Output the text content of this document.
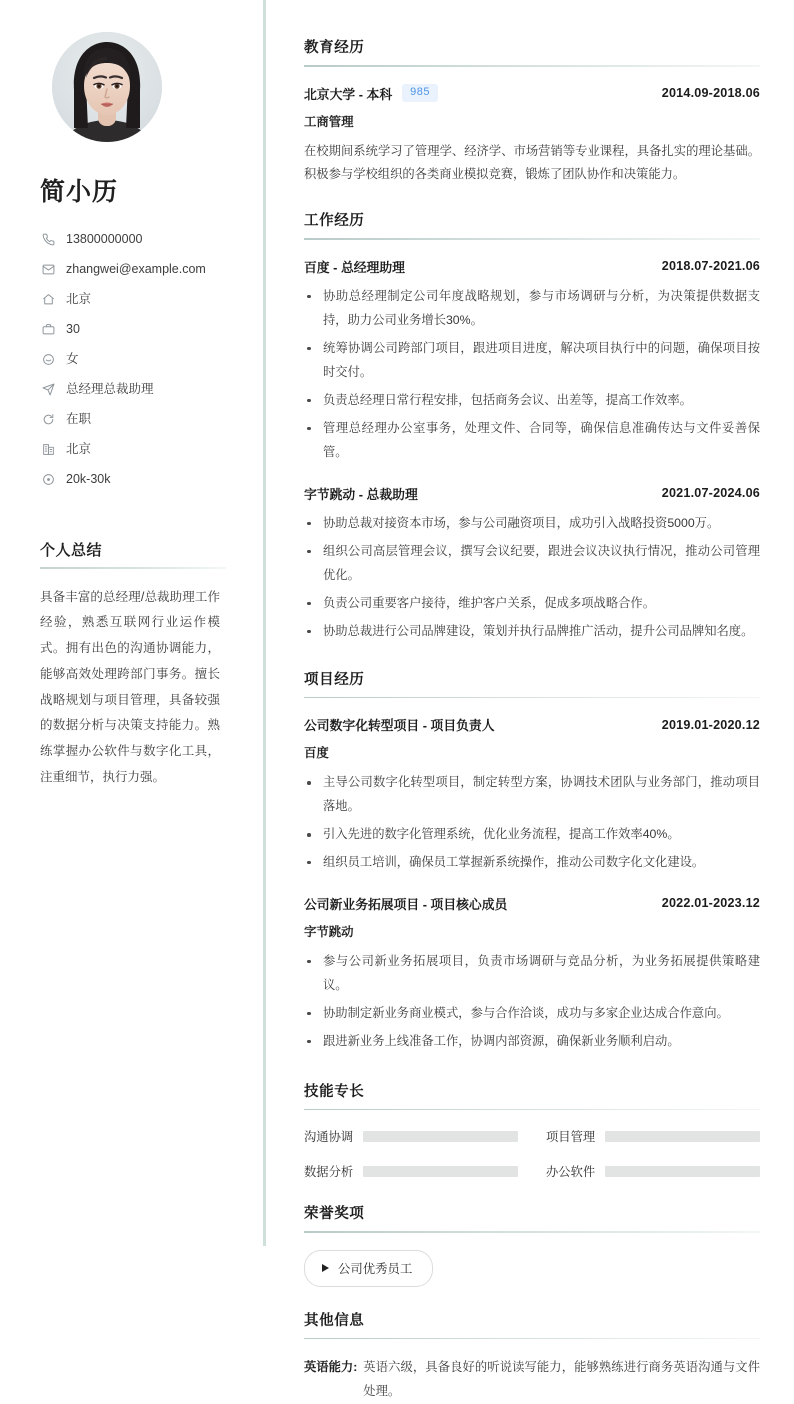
简小历
13800000000
zhangwei@example.com
北京
30
女
总经理总裁助理
在职
北京
20k-30k
个人总结
具备丰富的总经理/总裁助理工作经验，熟悉互联网行业运作模式。拥有出色的沟通协调能力，能够高效处理跨部门事务。擅长战略规划与项目管理，具备较强的数据分析与决策支持能力。熟练掌握办公软件与数字化工具，注重细节，执行力强。
教育经历
北京大学 - 本科	985	2014.09-2018.06
工商管理
在校期间系统学习了管理学、经济学、市场营销等专业课程，具备扎实的理论基础。积极参与学校组织的各类商业模拟竞赛，锻炼了团队协作和决策能力。
工作经历
百度 - 总经理助理	2018.07-2021.06
协助总经理制定公司年度战略规划，参与市场调研与分析，为决策提供数据支持，助力公司业务增长30%。
统筹协调公司跨部门项目，跟进项目进度，解决项目执行中的问题，确保项目按时交付。
负责总经理日常行程安排，包括商务会议、出差等，提高工作效率。
管理总经理办公室事务，处理文件、合同等，确保信息准确传达与文件妥善保管。
字节跳动 - 总裁助理	2021.07-2024.06
协助总裁对接资本市场，参与公司融资项目，成功引入战略投资5000万。
组织公司高层管理会议，撰写会议纪要，跟进会议决议执行情况，推动公司管理优化。
负责公司重要客户接待，维护客户关系，促成多项战略合作。
协助总裁进行公司品牌建设，策划并执行品牌推广活动，提升公司品牌知名度。
项目经历
公司数字化转型项目 - 项目负责人	2019.01-2020.12
百度
主导公司数字化转型项目，制定转型方案，协调技术团队与业务部门，推动项目落地。
引入先进的数字化管理系统，优化业务流程，提高工作效率40%。
组织员工培训，确保员工掌握新系统操作，推动公司数字化文化建设。
公司新业务拓展项目 - 项目核心成员	2022.01-2023.12
字节跳动
参与公司新业务拓展项目，负责市场调研与竞品分析，为业务拓展提供策略建议。
协助制定新业务商业模式，参与合作洽谈，成功与多家企业达成合作意向。
跟进新业务上线准备工作，协调内部资源，确保新业务顺利启动。
技能专长
沟通协调	项目管理
数据分析	办公软件
荣誉奖项
公司优秀员工
其他信息
英语能力: 英语六级，具备良好的听说读写能力，能够熟练进行商务英语沟通与文件处理。
